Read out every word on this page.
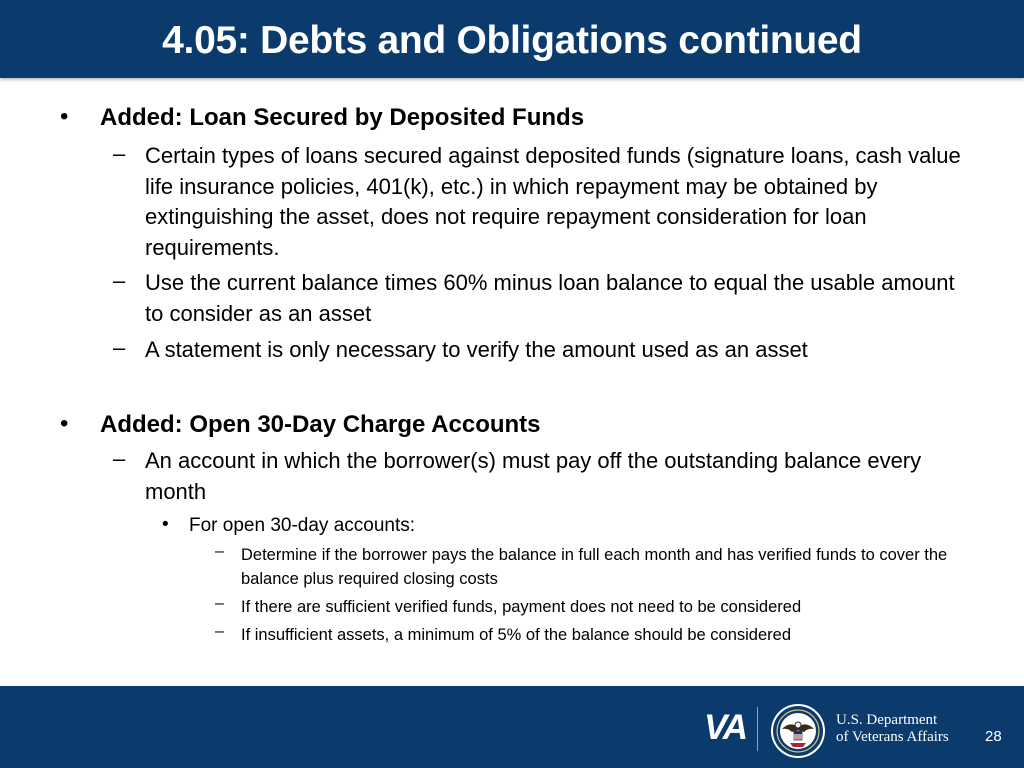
4.05: Debts and Obligations continued
• Added: Loan Secured by Deposited Funds
– Certain types of loans secured against deposited funds (signature loans, cash value life insurance policies, 401(k), etc.) in which repayment may be obtained by extinguishing the asset, does not require repayment consideration for loan requirements.
– Use the current balance times 60% minus loan balance to equal the usable amount to consider as an asset
– A statement is only necessary to verify the amount used as an asset
• Added: Open 30-Day Charge Accounts
– An account in which the borrower(s) must pay off the outstanding balance every month
• For open 30-day accounts:
– Determine if the borrower pays the balance in full each month and has verified funds to cover the balance plus required closing costs
– If there are sufficient verified funds, payment does not need to be considered
– If insufficient assets, a minimum of 5% of the balance should be considered
VA	U.S. Department
of Veterans Affairs 28
